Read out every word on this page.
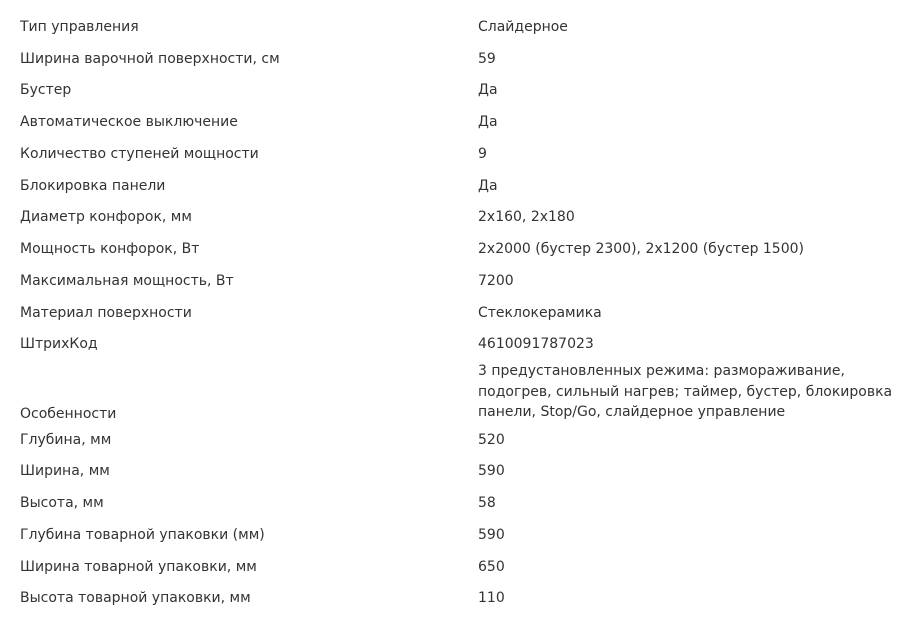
Тип управления	Слайдерное
Ширина варочной поверхности, см	59
Бустер	Да
Автоматическое выключение	Да
Количество ступеней мощности	9
Блокировка панели	Да
Диаметр конфорок, мм	2x160, 2x180
Мощность конфорок, Вт	2x2000 (бустер 2300), 2x1200 (бустер 1500)
Максимальная мощность, Вт	7200
Материал поверхности	Стеклокерамика
ШтрихКод	4610091787023
Особенности	3 предустановленных режима: размораживание, подогрев, сильный нагрев; таймер, бустер, блокировка панели, Stop/Go, слайдерное управление
Глубина, мм	520
Ширина, мм	590
Высота, мм	58
Глубина товарной упаковки (мм)	590
Ширина товарной упаковки, мм	650
Высота товарной упаковки, мм	110
